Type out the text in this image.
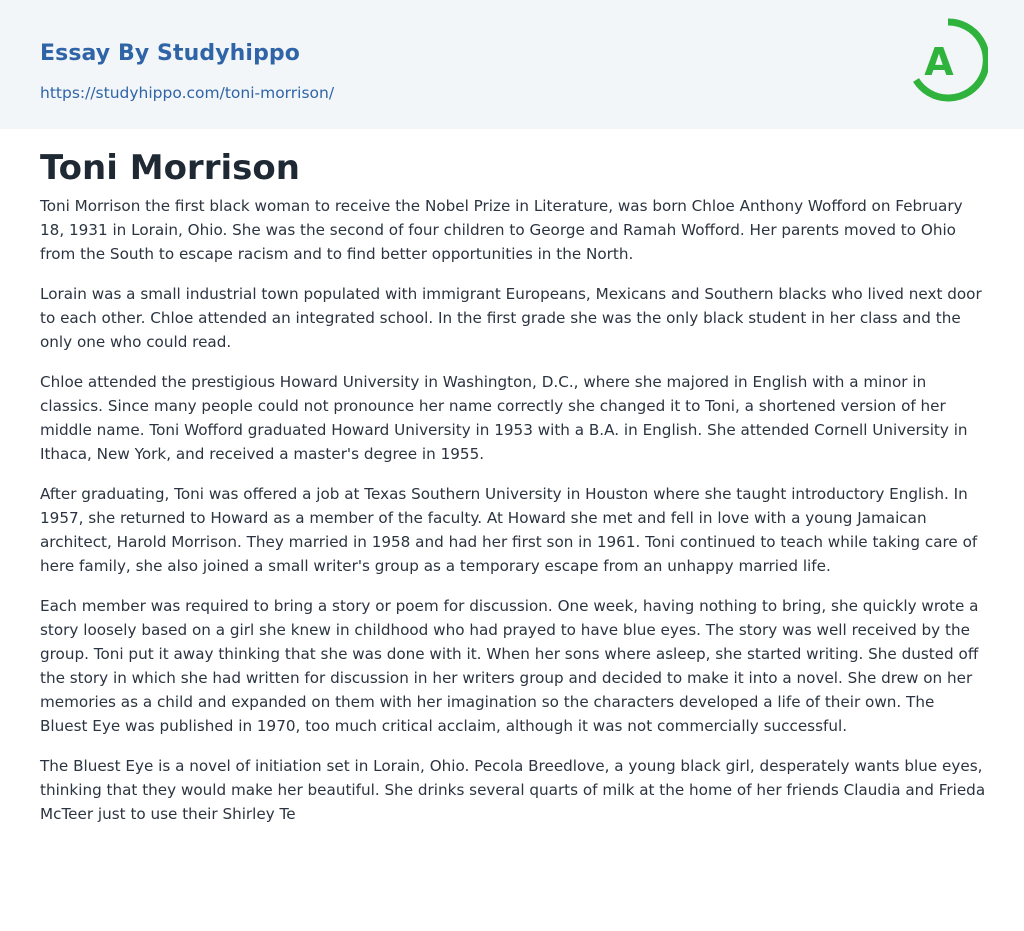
Essay By Studyhippo
https://studyhippo.com/toni-morrison/
A
Toni Morrison

Toni Morrison the first black woman to receive the Nobel Prize in Literature, was born Chloe Anthony Wofford on February 18, 1931 in Lorain, Ohio. She was the second of four children to George and Ramah Wofford. Her parents moved to Ohio from the South to escape racism and to find better opportunities in the North.

Lorain was a small industrial town populated with immigrant Europeans, Mexicans and Southern blacks who lived next door to each other. Chloe attended an integrated school. In the first grade she was the only black student in her class and the only one who could read.

Chloe attended the prestigious Howard University in Washington, D.C., where she majored in English with a minor in classics. Since many people could not pronounce her name correctly she changed it to Toni, a shortened version of her middle name. Toni Wofford graduated Howard University in 1953 with a B.A. in English. She attended Cornell University in Ithaca, New York, and received a master's degree in 1955.

After graduating, Toni was offered a job at Texas Southern University in Houston where she taught introductory English. In 1957, she returned to Howard as a member of the faculty. At Howard she met and fell in love with a young Jamaican architect, Harold Morrison. They married in 1958 and had her first son in 1961. Toni continued to teach while taking care of here family, she also joined a small writer's group as a temporary escape from an unhappy married life.

Each member was required to bring a story or poem for discussion. One week, having nothing to bring, she quickly wrote a story loosely based on a girl she knew in childhood who had prayed to have blue eyes. The story was well received by the group. Toni put it away thinking that she was done with it. When her sons where asleep, she started writing. She dusted off the story in which she had written for discussion in her writers group and decided to make it into a novel. She drew on her memories as a child and expanded on them with her imagination so the characters developed a life of their own. The Bluest Eye was published in 1970, too much critical acclaim, although it was not commercially successful.

The Bluest Eye is a novel of initiation set in Lorain, Ohio. Pecola Breedlove, a young black girl, desperately wants blue eyes, thinking that they would make her beautiful. She drinks several quarts of milk at the home of her friends Claudia and Frieda McTeer just to use their Shirley Te
